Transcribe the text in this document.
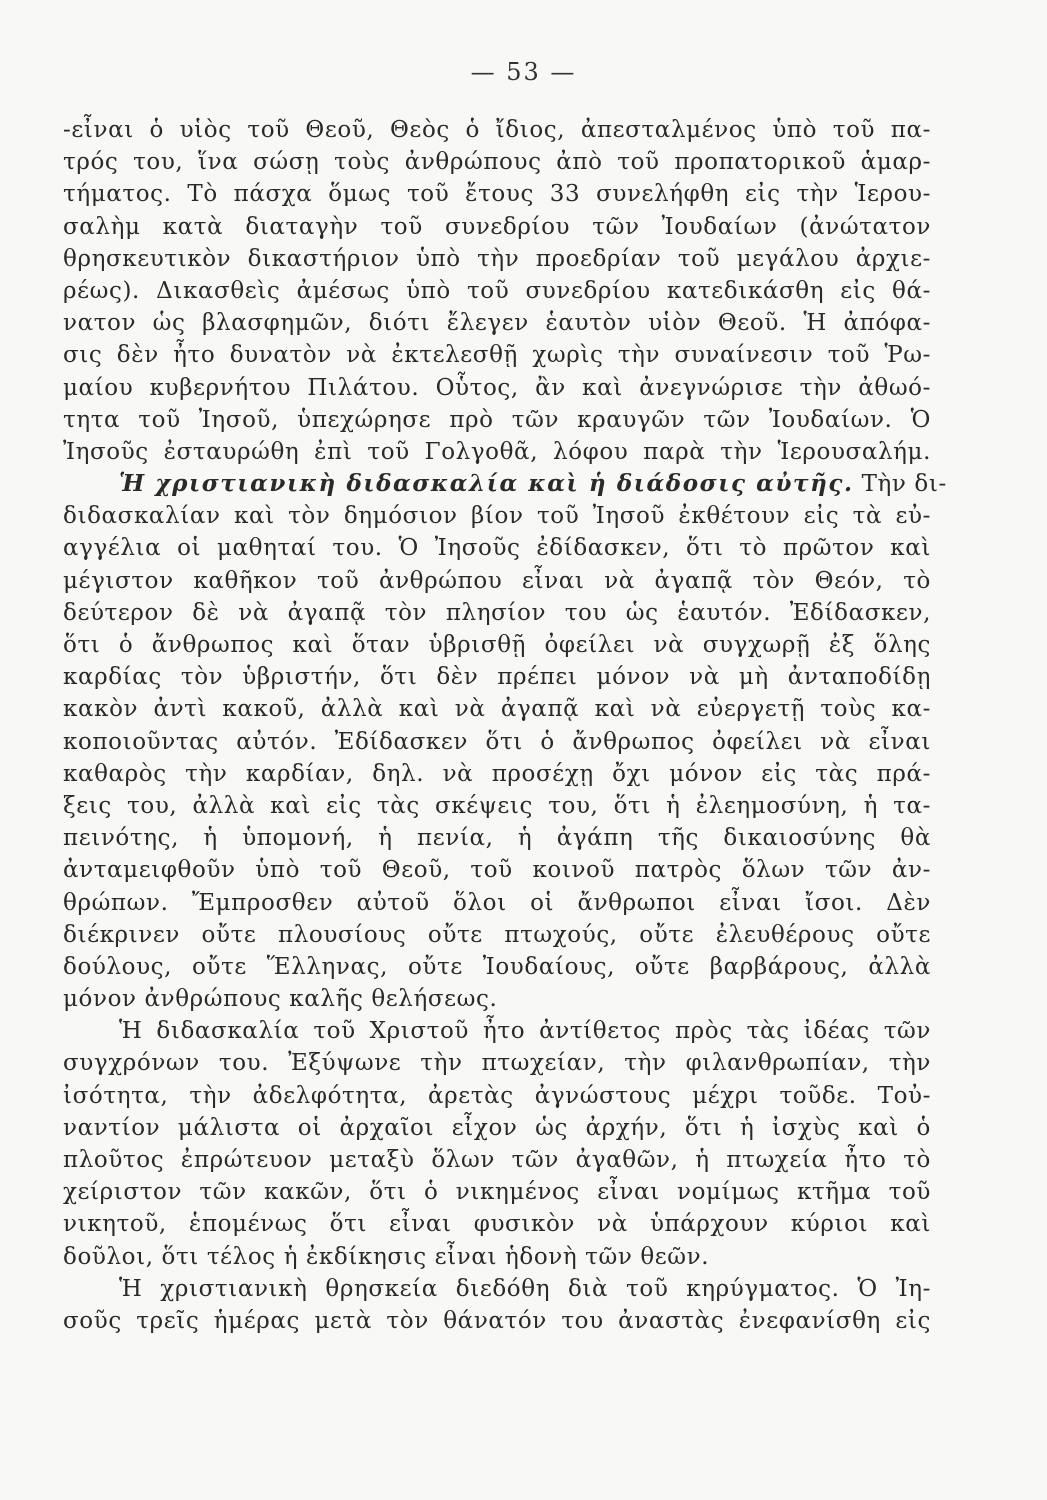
— 53 —
-εἶναι ὁ υἱὸς τοῦ Θεοῦ, Θεὸς ὁ ἴδιος, ἀπεσταλμένος ὑπὸ τοῦ πα-
τρός του, ἵνα σώσῃ τοὺς ἀνθρώπους ἀπὸ τοῦ προπατορικοῦ ἁμαρ-
τήματος. Τὸ πάσχα ὅμως τοῦ ἔτους 33 συνελήφθη εἰς τὴν Ἱερου-
σαλὴμ κατὰ διαταγὴν τοῦ συνεδρίου τῶν Ἰουδαίων (ἀνώτατον
θρησκευτικὸν δικαστήριον ὑπὸ τὴν προεδρίαν τοῦ μεγάλου ἀρχιε-
ρέως). Δικασθεὶς ἀμέσως ὑπὸ τοῦ συνεδρίου κατεδικάσθη εἰς θά-
νατον ὡς βλασφημῶν, διότι ἔλεγεν ἑαυτὸν υἱὸν Θεοῦ. Ἡ ἀπόφα-
σις δὲν ἦτο δυνατὸν νὰ ἐκτελεσθῇ χωρὶς τὴν συναίνεσιν τοῦ Ῥω-
μαίου κυβερνήτου Πιλάτου. Οὗτος, ἂν καὶ ἀνεγνώρισε τὴν ἀθωό-
τητα τοῦ Ἰησοῦ, ὑπεχώρησε πρὸ τῶν κραυγῶν τῶν Ἰουδαίων. Ὁ
Ἰησοῦς ἐσταυρώθη ἐπὶ τοῦ Γολγοθᾶ, λόφου παρὰ τὴν Ἱερουσαλήμ.
Ἡ χριστιανικὴ διδασκαλία καὶ ἡ διάδοσις αὐτῆς. Τὴν δι-
διδασκαλίαν καὶ τὸν δημόσιον βίον τοῦ Ἰησοῦ ἐκθέτουν εἰς τὰ εὐ-
αγγέλια οἱ μαθηταί του. Ὁ Ἰησοῦς ἐδίδασκεν, ὅτι τὸ πρῶτον καὶ
μέγιστον καθῆκον τοῦ ἀνθρώπου εἶναι νὰ ἀγαπᾷ τὸν Θεόν, τὸ
δεύτερον δὲ νὰ ἀγαπᾷ τὸν πλησίον του ὡς ἑαυτόν. Ἐδίδασκεν,
ὅτι ὁ ἄνθρωπος καὶ ὅταν ὑβρισθῇ ὀφείλει νὰ συγχωρῇ ἐξ ὅλης
καρδίας τὸν ὑβριστήν, ὅτι δὲν πρέπει μόνον νὰ μὴ ἀνταποδίδῃ
κακὸν ἀντὶ κακοῦ, ἀλλὰ καὶ νὰ ἀγαπᾷ καὶ νὰ εὐεργετῇ τοὺς κα-
κοποιοῦντας αὐτόν. Ἐδίδασκεν ὅτι ὁ ἄνθρωπος ὀφείλει νὰ εἶναι
καθαρὸς τὴν καρδίαν, δηλ. νὰ προσέχῃ ὄχι μόνον εἰς τὰς πρά-
ξεις του, ἀλλὰ καὶ εἰς τὰς σκέψεις του, ὅτι ἡ ἐλεημοσύνη, ἡ τα-
πεινότης, ἡ ὑπομονή, ἡ πενία, ἡ ἀγάπη τῆς δικαιοσύνης θὰ
ἀνταμειφθοῦν ὑπὸ τοῦ Θεοῦ, τοῦ κοινοῦ πατρὸς ὅλων τῶν ἀν-
θρώπων. Ἔμπροσθεν αὐτοῦ ὅλοι οἱ ἄνθρωποι εἶναι ἴσοι. Δὲν
διέκρινεν οὔτε πλουσίους οὔτε πτωχούς, οὔτε ἐλευθέρους οὔτε
δούλους, οὔτε Ἕλληνας, οὔτε Ἰουδαίους, οὔτε βαρβάρους, ἀλλὰ
μόνον ἀνθρώπους καλῆς θελήσεως.
Ἡ διδασκαλία τοῦ Χριστοῦ ἦτο ἀντίθετος πρὸς τὰς ἰδέας τῶν
συγχρόνων του. Ἐξύψωνε τὴν πτωχείαν, τὴν φιλανθρωπίαν, τὴν
ἰσότητα, τὴν ἀδελφότητα, ἀρετὰς ἀγνώστους μέχρι τοῦδε. Τοὐ-
ναντίον μάλιστα οἱ ἀρχαῖοι εἶχον ὡς ἀρχήν, ὅτι ἡ ἰσχὺς καὶ ὁ
πλοῦτος ἐπρώτευον μεταξὺ ὅλων τῶν ἀγαθῶν, ἡ πτωχεία ἦτο τὸ
χείριστον τῶν κακῶν, ὅτι ὁ νικημένος εἶναι νομίμως κτῆμα τοῦ
νικητοῦ, ἑπομένως ὅτι εἶναι φυσικὸν νὰ ὑπάρχουν κύριοι καὶ
δοῦλοι, ὅτι τέλος ἡ ἐκδίκησις εἶναι ἡδονὴ τῶν θεῶν.
Ἡ χριστιανικὴ θρησκεία διεδόθη διὰ τοῦ κηρύγματος. Ὁ Ἰη-
σοῦς τρεῖς ἡμέρας μετὰ τὸν θάνατόν του ἀναστὰς ἐνεφανίσθη εἰς
